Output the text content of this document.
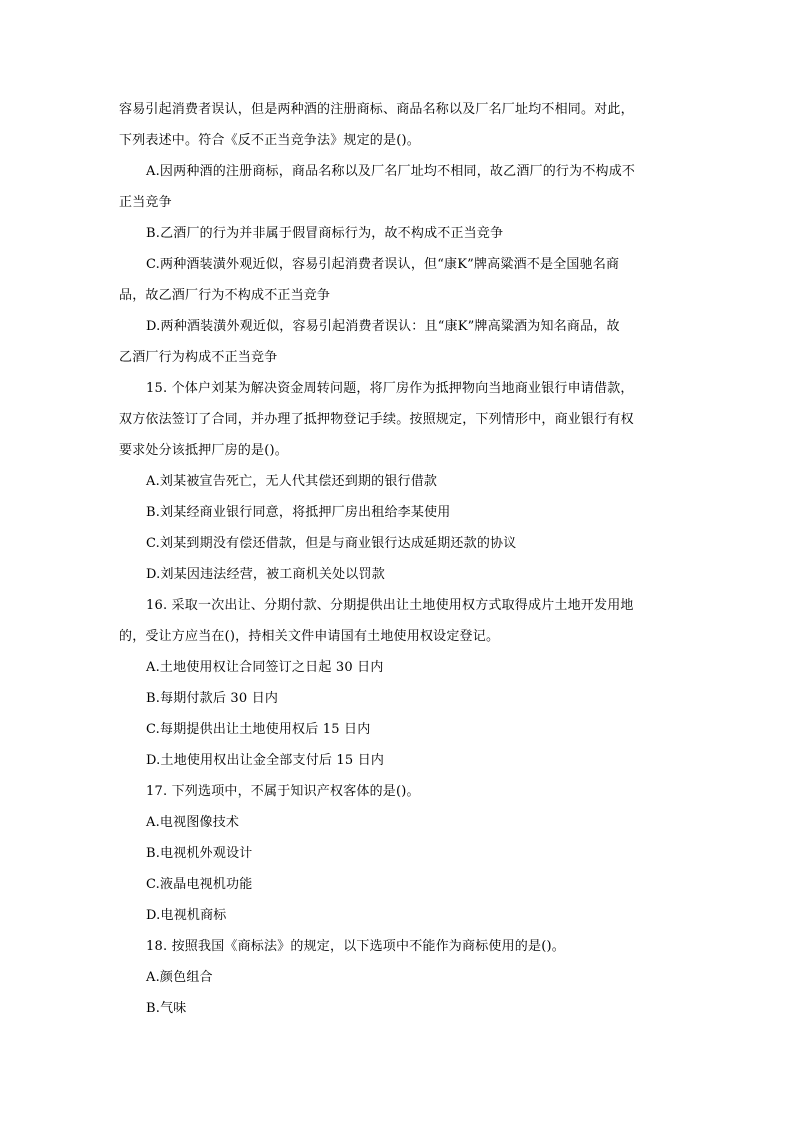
容易引起消费者误认，但是两种酒的注册商标、商品名称以及厂名厂址均不相同。对此，
下列表述中。符合《反不正当竞争法》规定的是()。
A.因两种酒的注册商标，商品名称以及厂名厂址均不相同，故乙酒厂的行为不构成不
正当竞争
B.乙酒厂的行为并非属于假冒商标行为，故不构成不正当竞争
C.两种酒装潢外观近似，容易引起消费者误认，但“康K”牌高粱酒不是全国驰名商
品，故乙酒厂行为不构成不正当竞争
D.两种酒装潢外观近似，容易引起消费者误认：且“康K”牌高粱酒为知名商品，故
乙酒厂行为构成不正当竞争
15. 个体户刘某为解决资金周转问题，将厂房作为抵押物向当地商业银行申请借款，
双方依法签订了合同，并办理了抵押物登记手续。按照规定，下列情形中，商业银行有权
要求处分该抵押厂房的是()。
A.刘某被宣告死亡，无人代其偿还到期的银行借款
B.刘某经商业银行同意，将抵押厂房出租给李某使用
C.刘某到期没有偿还借款，但是与商业银行达成延期还款的协议
D.刘某因违法经营，被工商机关处以罚款
16. 采取一次出让、分期付款、分期提供出让土地使用权方式取得成片土地开发用地
的，受让方应当在()，持相关文件申请国有土地使用权设定登记。
A.土地使用权让合同签订之日起 30 日内
B.每期付款后 30 日内
C.每期提供出让土地使用权后 15 日内
D.土地使用权出让金全部支付后 15 日内
17. 下列选项中，不属于知识产权客体的是()。
A.电视图像技术
B.电视机外观设计
C.液晶电视机功能
D.电视机商标
18. 按照我国《商标法》的规定，以下选项中不能作为商标使用的是()。
A.颜色组合
B.气味
